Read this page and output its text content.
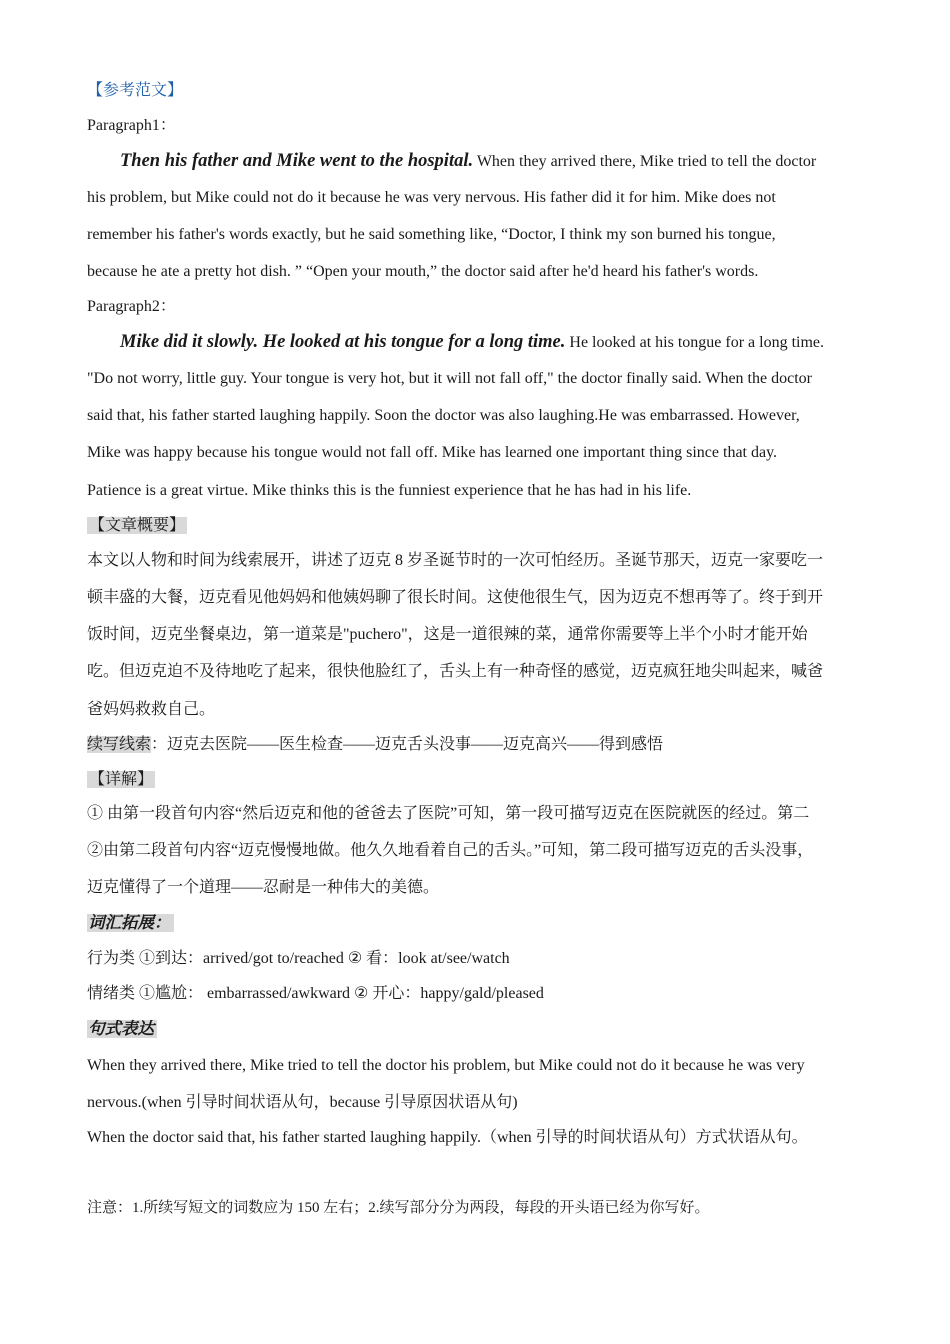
【参考范文】
Paragraph1：
Then his father and Mike went to the hospital. When they arrived there, Mike tried to tell the doctor
his problem, but Mike could not do it because he was very nervous. His father did it for him. Mike does not
remember his father's words exactly, but he said something like, “Doctor, I think my son burned his tongue,
because he ate a pretty hot dish. ” “Open your mouth,” the doctor said after he'd heard his father's words.
Paragraph2：
Mike did it slowly. He looked at his tongue for a long time. He looked at his tongue for a long time.
"Do not worry, little guy. Your tongue is very hot, but it will not fall off," the doctor finally said. When the doctor
said that, his father started laughing happily. Soon the doctor was also laughing.He was embarrassed. However,
Mike was happy because his tongue would not fall off. Mike has learned one important thing since that day.
Patience is a great virtue. Mike thinks this is the funniest experience that he has had in his life.
【文章概要】
本文以人物和时间为线索展开，讲述了迈克 8 岁圣诞节时的一次可怕经历。圣诞节那天，迈克一家要吃一
顿丰盛的大餐，迈克看见他妈妈和他姨妈聊了很长时间。这使他很生气，因为迈克不想再等了。终于到开
饭时间，迈克坐餐桌边，第一道菜是"puchero"，这是一道很辣的菜，通常你需要等上半个小时才能开始
吃。但迈克迫不及待地吃了起来，很快他脸红了，舌头上有一种奇怪的感觉，迈克疯狂地尖叫起来，喊爸
爸妈妈救救自己。
续写线索：迈克去医院——医生检查——迈克舌头没事——迈克高兴——得到感悟
【详解】
① 由第一段首句内容“然后迈克和他的爸爸去了医院”可知，第一段可描写迈克在医院就医的经过。第二
②由第二段首句内容“迈克慢慢地做。他久久地看着自己的舌头。”可知，第二段可描写迈克的舌头没事，
迈克懂得了一个道理——忍耐是一种伟大的美德。
词汇拓展：
行为类 ①到达：arrived/got to/reached ② 看：look at/see/watch
情绪类 ①尴尬： embarrassed/awkward ② 开心：happy/gald/pleased
句式表达
When they arrived there, Mike tried to tell the doctor his problem, but Mike could not do it because he was very
nervous.(when 引导时间状语从句，because 引导原因状语从句)
When the doctor said that, his father started laughing happily.（when 引导的时间状语从句）方式状语从句。
注意：1.所续写短文的词数应为 150 左右；2.续写部分分为两段，每段的开头语已经为你写好。
